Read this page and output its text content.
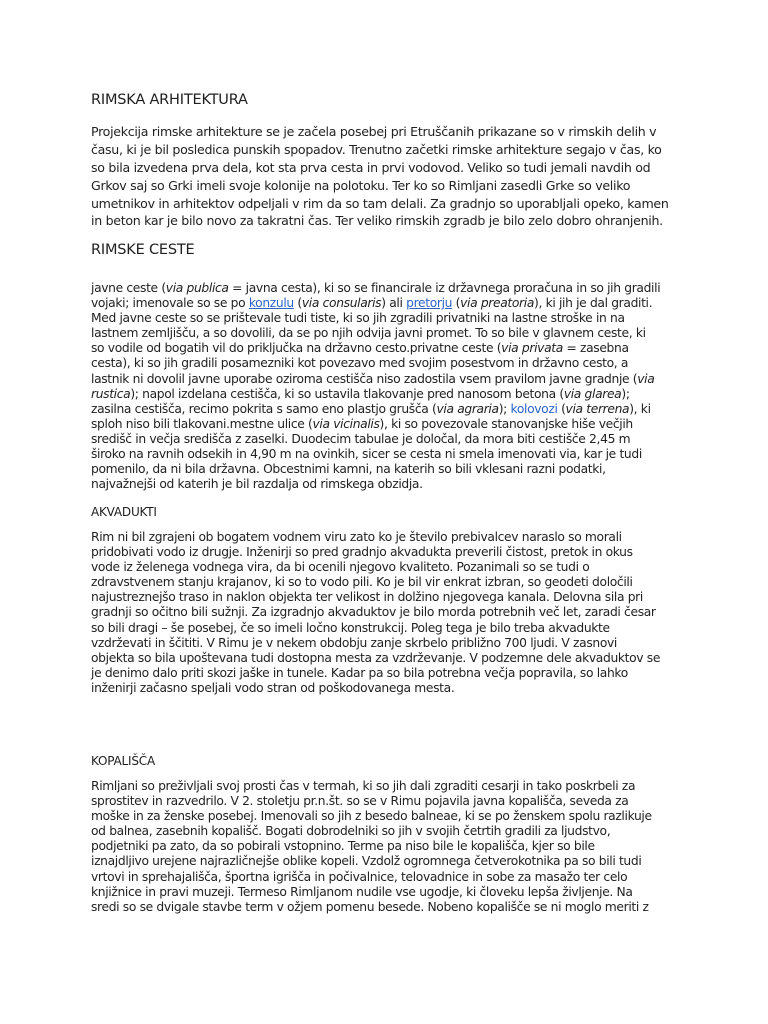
RIMSKA ARHITEKTURA
Projekcija rimske arhitekture se je začela posebej pri Etruščanih prikazane so v rimskih delih v
času, ki je bil posledica punskih spopadov. Trenutno začetki rimske arhitekture segajo v čas, ko
so bila izvedena prva dela, kot sta prva cesta in prvi vodovod. Veliko so tudi jemali navdih od
Grkov saj so Grki imeli svoje kolonije na polotoku. Ter ko so Rimljani zasedli Grke so veliko
umetnikov in arhitektov odpeljali v rim da so tam delali. Za gradnjo so uporabljali opeko, kamen
in beton kar je bilo novo za takratni čas. Ter veliko rimskih zgradb je bilo zelo dobro ohranjenih.
RIMSKE CESTE
javne ceste (via publica = javna cesta), ki so se financirale iz državnega proračuna in so jih gradili
vojaki; imenovale so se po konzulu (via consularis) ali pretorju (via preatoria), ki jih je dal graditi.
Med javne ceste so se prištevale tudi tiste, ki so jih zgradili privatniki na lastne stroške in na
lastnem zemljišču, a so dovolili, da se po njih odvija javni promet. To so bile v glavnem ceste, ki
so vodile od bogatih vil do priključka na državno cesto.privatne ceste (via privata = zasebna
cesta), ki so jih gradili posamezniki kot povezavo med svojim posestvom in državno cesto, a
lastnik ni dovolil javne uporabe oziroma cestišča niso zadostila vsem pravilom javne gradnje (via
rustica); napol izdelana cestišča, ki so ustavila tlakovanje pred nanosom betona (via glarea);
zasilna cestišča, recimo pokrita s samo eno plastjo grušča (via agraria); kolovozi (via terrena), ki
sploh niso bili tlakovani.mestne ulice (via vicinalis), ki so povezovale stanovanjske hiše večjih
središč in večja središča z zaselki. Duodecim tabulae je določal, da mora biti cestišče 2,45 m
široko na ravnih odsekih in 4,90 m na ovinkih, sicer se cesta ni smela imenovati via, kar je tudi
pomenilo, da ni bila državna. Obcestnimi kamni, na katerih so bili vklesani razni podatki,
najvažnejši od katerih je bil razdalja od rimskega obzidja.
AKVADUKTI
Rim ni bil zgrajeni ob bogatem vodnem viru zato ko je število prebivalcev naraslo so morali
pridobivati vodo iz drugje. Inženirji so pred gradnjo akvadukta preverili čistost, pretok in okus
vode iz želenega vodnega vira, da bi ocenili njegovo kvaliteto. Pozanimali so se tudi o
zdravstvenem stanju krajanov, ki so to vodo pili. Ko je bil vir enkrat izbran, so geodeti določili
najustreznejšo traso in naklon objekta ter velikost in dolžino njegovega kanala. Delovna sila pri
gradnji so očitno bili sužnji. Za izgradnjo akvaduktov je bilo morda potrebnih več let, zaradi česar
so bili dragi – še posebej, če so imeli ločno konstrukcij. Poleg tega je bilo treba akvadukte
vzdrževati in ščititi. V Rimu je v nekem obdobju zanje skrbelo približno 700 ljudi. V zasnovi
objekta so bila upoštevana tudi dostopna mesta za vzdrževanje. V podzemne dele akvaduktov se
je denimo dalo priti skozi jaške in tunele. Kadar pa so bila potrebna večja popravila, so lahko
inženirji začasno speljali vodo stran od poškodovanega mesta.
KOPALIŠČA
Rimljani so preživljali svoj prosti čas v termah, ki so jih dali zgraditi cesarji in tako poskrbeli za
sprostitev in razvedrilo. V 2. stoletju pr.n.št. so se v Rimu pojavila javna kopališča, seveda za
moške in za ženske posebej. Imenovali so jih z besedo balneae, ki se po ženskem spolu razlikuje
od balnea, zasebnih kopališč. Bogati dobrodelniki so jih v svojih četrtih gradili za ljudstvo,
podjetniki pa zato, da so pobirali vstopnino. Terme pa niso bile le kopališča, kjer so bile
iznajdljivo urejene najrazličnejše oblike kopeli. Vzdolž ogromnega četverokotnika pa so bili tudi
vrtovi in sprehajališča, športna igrišča in počivalnice, telovadnice in sobe za masažo ter celo
knjižnice in pravi muzeji. Termeso Rimljanom nudile vse ugodje, ki človeku lepša življenje. Na
sredi so se dvigale stavbe term v ožjem pomenu besede. Nobeno kopališče se ni moglo meriti z
